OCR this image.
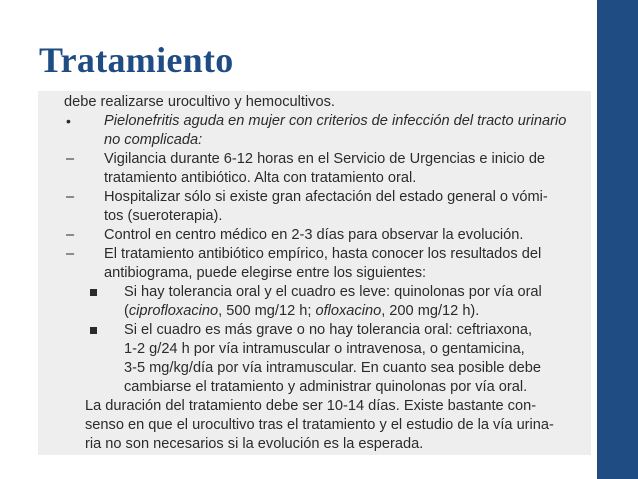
Tratamiento
debe realizarse urocultivo y hemocultivos.
• Pielonefritis aguda en mujer con criterios de infección del tracto urinario
no complicada:
– Vigilancia durante 6-12 horas en el Servicio de Urgencias e inicio de
tratamiento antibiótico. Alta con tratamiento oral.
– Hospitalizar sólo si existe gran afectación del estado general o vómi-
tos (sueroterapia).
– Control en centro médico en 2-3 días para observar la evolución.
– El tratamiento antibiótico empírico, hasta conocer los resultados del
antibiograma, puede elegirse entre los siguientes:
Si hay tolerancia oral y el cuadro es leve: quinolonas por vía oral
(ciprofloxacino, 500 mg/12 h; ofloxacino, 200 mg/12 h).
Si el cuadro es más grave o no hay tolerancia oral: ceftriaxona,
1-2 g/24 h por vía intramuscular o intravenosa, o gentamicina,
3-5 mg/kg/día por vía intramuscular. En cuanto sea posible debe
cambiarse el tratamiento y administrar quinolonas por vía oral.
La duración del tratamiento debe ser 10-14 días. Existe bastante con-
senso en que el urocultivo tras el tratamiento y el estudio de la vía urina-
ria no son necesarios si la evolución es la esperada.
